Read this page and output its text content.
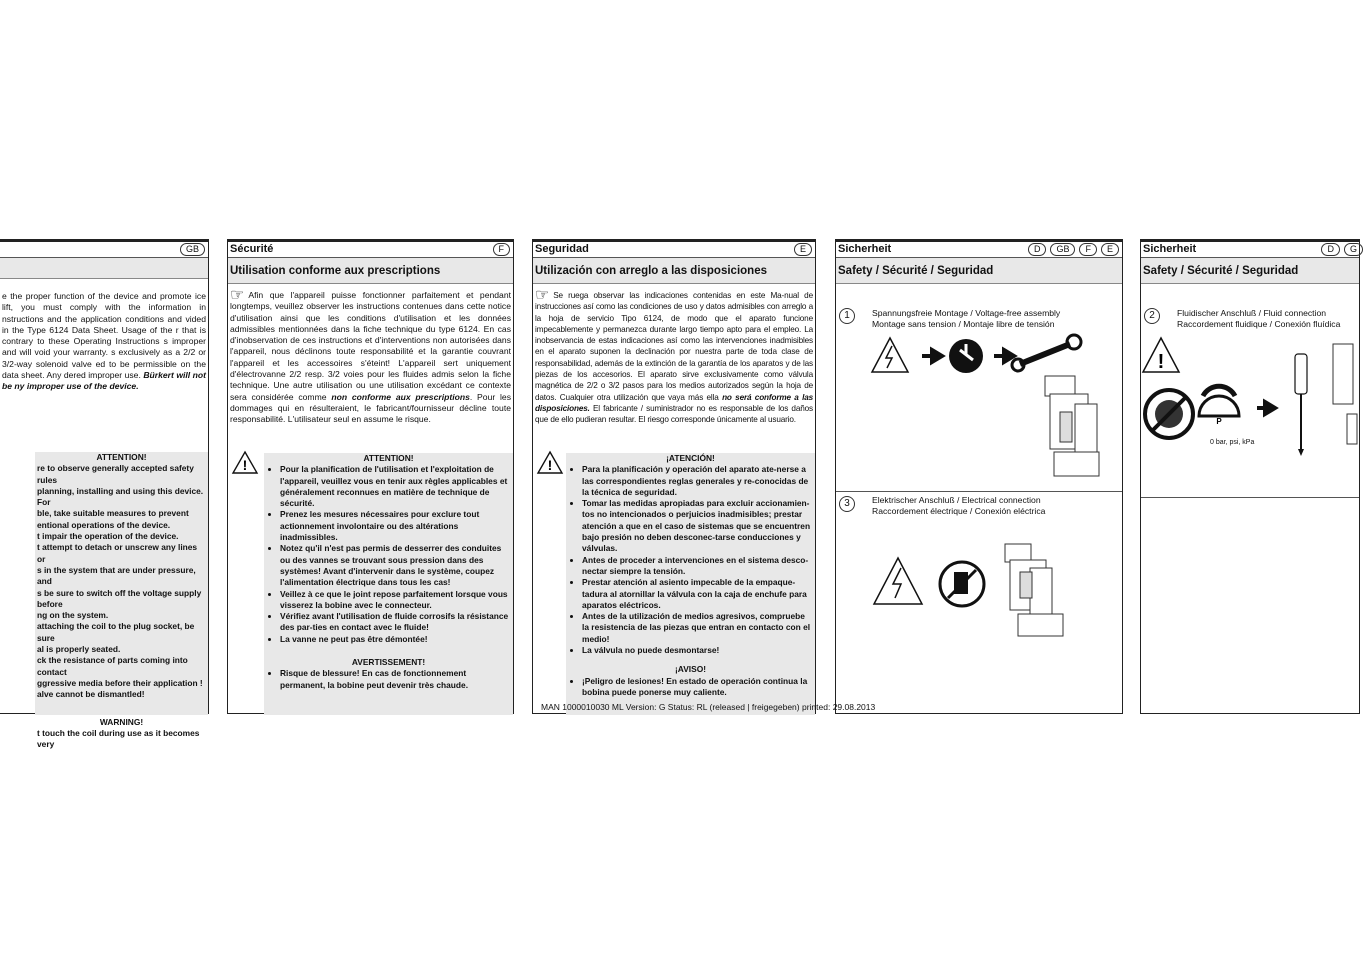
GB
e the proper function of the device and promote ice lift, you must comply with the information in nstructions and the application conditions and vided in the Type 6124 Data Sheet. Usage of the r that is contrary to these Operating Instructions s improper and will void your warranty. s exclusively as a 2/2 or 3/2-way solenoid valve ed to be permissible on the data sheet. Any dered improper use. Bürkert will not be ny improper use of the device.
ATTENTION!
re to observe generally accepted safety rules
planning, installing and using this device. For
ble, take suitable measures to prevent
entional operations of the device.
t impair the operation of the device.
t attempt to detach or unscrew any lines or
s in the system that are under pressure, and
s be sure to switch off the voltage supply before
ng on the system.
attaching the coil to the plug socket, be sure
al is properly seated.
ck the resistance of parts coming into contact
ggressive media before their application !
alve cannot be dismantled!
WARNING!
t touch the coil during use as it becomes very
Sécurité	F
Utilisation conforme aux prescriptions
☞ Afin que l'appareil puisse fonctionner parfaitement et pendant longtemps, veuillez observer les instructions contenues dans cette notice d'utilisation ainsi que les conditions d'utilisation et les données admissibles mentionnées dans la fiche technique du type 6124. En cas d'inobservation de ces instructions et d'interventions non autorisées dans l'appareil, nous déclinons toute responsabilité et la garantie couvrant l'appareil et les accessoires s'éteint! L'appareil sert uniquement d'électrovanne 2/2 resp. 3/2 voies pour les fluides admis selon la fiche technique. Une autre utilisation ou une utilisation excédant ce contexte sera considérée comme non conforme aux prescriptions. Pour les dommages qui en résulteraient, le fabricant/fournisseur décline toute responsabilité. L'utilisateur seul en assume le risque.
!	ATTENTION!
• Pour la planification de l'utilisation et l'exploitation de l'appareil, veuillez vous en tenir aux règles applicables et généralement reconnues en matière de technique de sécurité.
• Prenez les mesures nécessaires pour exclure tout actionnement involontaire ou des altérations inadmissibles.
• Notez qu'il n'est pas permis de desserrer des conduites ou des vannes se trouvant sous pression dans des systèmes! Avant d'intervenir dans le système, coupez l'alimentation électrique dans tous les cas!
• Veillez à ce que le joint repose parfaitement lorsque vous visserez la bobine avec le connecteur.
• Vérifiez avant l'utilisation de fluide corrosifs la résistance des par-ties en contact avec le fluide!
• La vanne ne peut pas être démontée!
AVERTISSEMENT!
• Risque de blessure! En cas de fonctionnement permanent, la bobine peut devenir très chaude.
Seguridad	E
Utilización con arreglo a las disposiciones
☞ Se ruega observar las indicaciones contenidas en este Ma-nual de instrucciones así como las condiciones de uso y datos admisibles con arreglo a la hoja de servicio Tipo 6124, de modo que el aparato funcione impecablemente y permanezca durante largo tiempo apto para el empleo. La inobservancia de estas indicaciones así como las intervenciones inadmisibles en el aparato suponen la declinación por nuestra parte de toda clase de responsabilidad, además de la extinción de la garantía de los aparatos y de las piezas de los accesorios. El aparato sirve exclusivamente como válvula magnética de 2/2 o 3/2 pasos para los medios autorizados según la hoja de datos. Cualquier otra utilización que vaya más ella no será conforme a las disposiciones. El fabricante / suministrador no es responsable de los daños que de ello pudieran resultar. El riesgo corresponde únicamente al usuario.
!	¡ATENCIÓN!
• Para la planificación y operación del aparato ate-nerse a las correspondientes reglas generales y re-conocidas de la técnica de seguridad.
• Tomar las medidas apropiadas para excluir accionamien-tos no intencionados o perjuicios inadmisibles; prestar atención a que en el caso de sistemas que se encuentren bajo presión no deben desconec-tarse conducciones y válvulas.
• Antes de proceder a intervenciones en el sistema desco-nectar siempre la tensión.
• Prestar atención al asiento impecable de la empaque-tadura al atornillar la válvula con la caja de enchufe para aparatos eléctricos.
• Antes de la utilización de medios agresivos, compruebe la resistencia de las piezas que entran en contacto con el medio!
• La válvula no puede desmontarse!
¡AVISO!
• ¡Peligro de lesiones! En estado de operación continua la bobina puede ponerse muy caliente.
Sicherheit	D	GB	F	E
Safety / Sécurité / Seguridad
1	Spannungsfreie Montage / Voltage-free assembly
Montage sans tension / Montaje libre de tensión
3	Elektrischer Anschluß / Electrical connection
Raccordement électrique / Conexión eléctrica
Sicherheit	D	G
Safety / Sécurité / Seguridad
2	Fluidischer Anschluß / Fluid connection
Raccordement fluidique / Conexión fluídica
!
P
0 bar, psi, kPa
MAN 1000010030 ML Version: G Status: RL (released | freigegeben) printed: 29.08.2013
